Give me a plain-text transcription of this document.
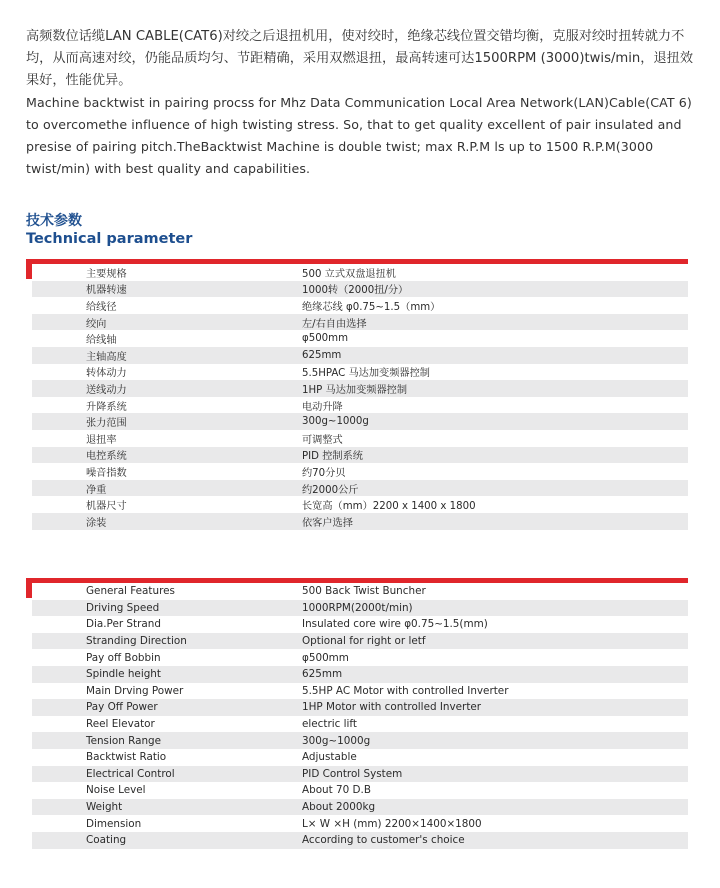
高频数位话缆LAN CABLE(CAT6)对绞之后退扭机用，使对绞时，绝缘芯线位置交错均衡，克服对绞时扭转就力不均，从而高速对绞，仍能品质均匀、节距精确，采用双燃退扭，最高转速可达1500RPM (3000)twis/min，退扭效果好，性能优异。

Machine backtwist in pairing procss for Mhz Data Communication Local Area Network(LAN)Cable(CAT 6) to overcomethe influence of high twisting stress. So, that to get quality excellent of pair insulated and presise of pairing pitch.TheBacktwist Machine is double twist; max R.P.M ls up to 1500 R.P.M(3000 twist/min) with best quality and capabilities.

技术参数
Technical parameter
主要规格	500 立式双盘退扭机
机器转速	1000转（2000扭/分）
给线径	绝缘芯线 φ0.75~1.5（mm）
绞向	左/右自由选择
给线轴	φ500mm
主轴高度	625mm
转体动力	5.5HPAC 马达加变频器控制
送线动力	1HP 马达加变频器控制
升降系统	电动升降
张力范围	300g~1000g
退扭率	可调整式
电控系统	PID 控制系统
噪音指数	约70分贝
净重	约2000公斤
机器尺寸	长宽高（mm）2200 x 1400 x 1800
涂装	依客户选择
General Features	500 Back Twist Buncher
Driving Speed	1000RPM(2000t/min)
Dia.Per Strand	Insulated core wire φ0.75~1.5(mm)
Stranding Direction	Optional for right or letf
Pay off Bobbin	φ500mm
Spindle height	625mm
Main Drving Power	5.5HP AC Motor with controlled Inverter
Pay Off Power	1HP Motor with controlled Inverter
Reel Elevator	electric lift
Tension Range	300g~1000g
Backtwist Ratio	Adjustable
Electrical Control	PID Control System
Noise Level	About 70 D.B
Weight	About 2000kg
Dimension	L× W ×H (mm) 2200×1400×1800
Coating	According to customer's choice
